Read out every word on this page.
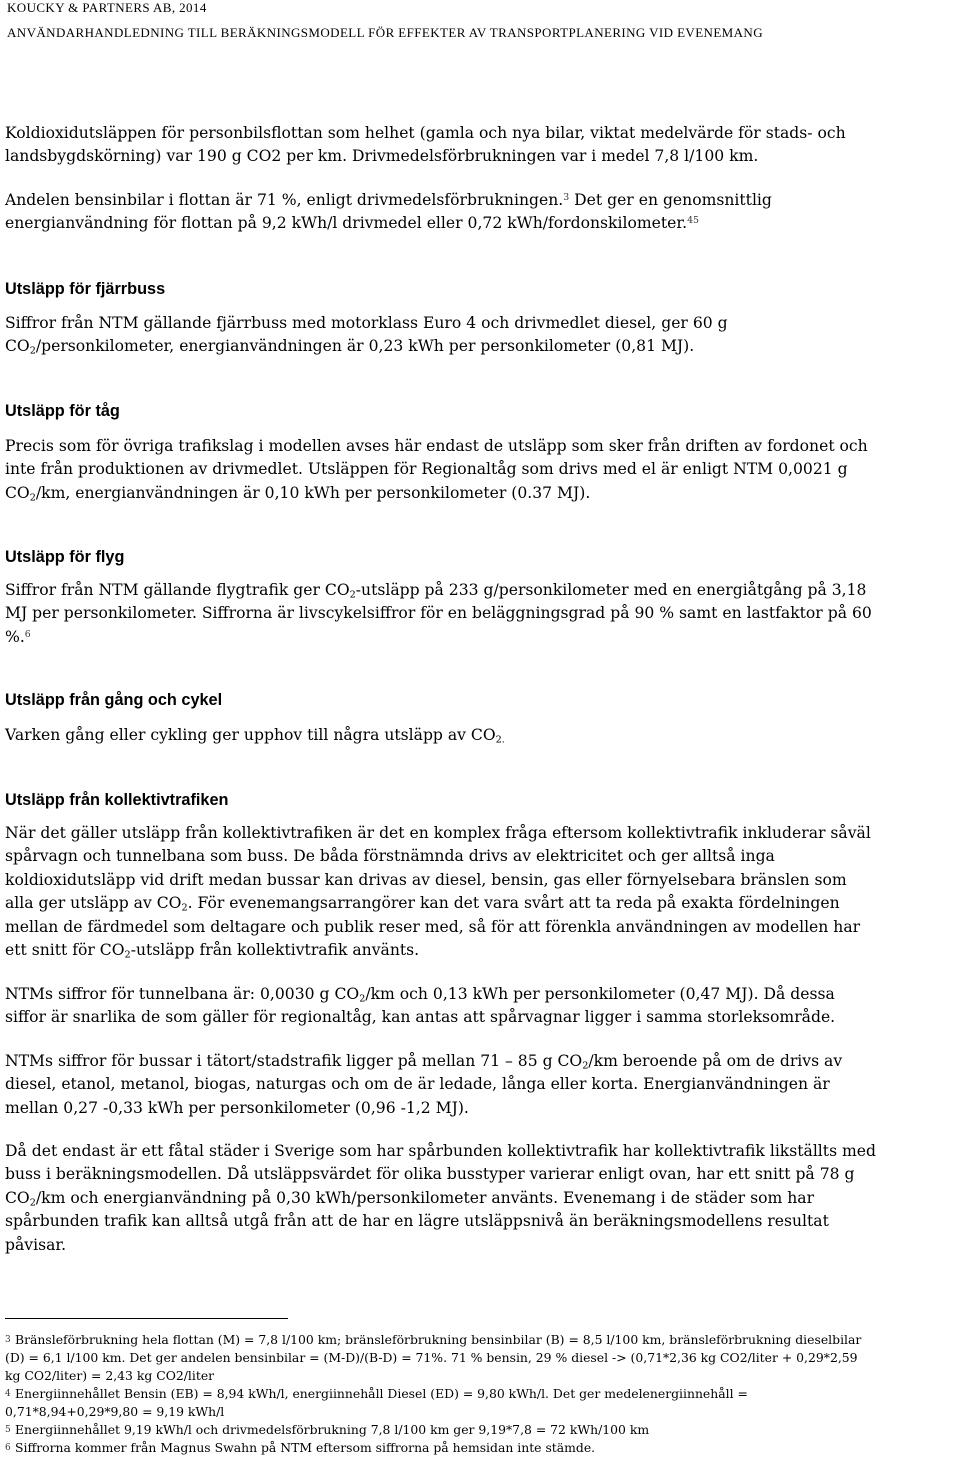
KOUCKY & PARTNERS AB, 2014
ANVÄNDARHANDLEDNING TILL BERÄKNINGSMODELL FÖR EFFEKTER AV TRANSPORTPLANERING VID EVENEMANG
Koldioxidutsläppen för personbilsflottan som helhet (gamla och nya bilar, viktat medelvärde för stads- och
landsbygdskörning) var 190 g CO2 per km. Drivmedelsförbrukningen var i medel 7,8 l/100 km.
Andelen bensinbilar i flottan är 71 %, enligt drivmedelsförbrukningen.$^3$ Det ger en genomsnittlig
energianvändning för flottan på 9,2 kWh/l drivmedel eller 0,72 kWh/fordonskilometer.$^{45}$
Utsläpp för fjärrbuss
Siffror från NTM gällande fjärrbuss med motorklass Euro 4 och drivmedlet diesel, ger 60 g
$CO_2$/personkilometer, energianvändningen är 0,23 kWh per personkilometer (0,81 MJ).
Utsläpp för tåg
Precis som för övriga trafikslag i modellen avses här endast de utsläpp som sker från driften av fordonet och
inte från produktionen av drivmedlet. Utsläppen för Regionaltåg som drivs med el är enligt NTM 0,0021 g
$CO_2/km$, energianvändningen är 0,10 kWh per personkilometer (0.37 MJ).
Utsläpp för flyg
Siffror från NTM gällande flygtrafik ger $CO_2$-utsläpp på 233 g/personkilometer med en energiåtgång på 3,18
MJ per personkilometer. Siffrorna är livscykelsiffror för en beläggningsgrad på 90 % samt en lastfaktor på 60
%.$^6$
Utsläpp från gång och cykel
Varken gång eller cykling ger upphov till några utsläpp av $CO_{2.}$
Utsläpp från kollektivtrafiken
När det gäller utsläpp från kollektivtrafiken är det en komplex fråga eftersom kollektivtrafik inkluderar såväl
spårvagn och tunnelbana som buss. De båda förstnämnda drivs av elektricitet och ger alltså inga
koldioxidutsläpp vid drift medan bussar kan drivas av diesel, bensin, gas eller förnyelsebara bränslen som
alla ger utsläpp av $CO_2$. För evenemangsarrangörer kan det vara svårt att ta reda på exakta fördelningen
mellan de färdmedel som deltagare och publik reser med, så för att förenkla användningen av modellen har
ett snitt för $CO_2$-utsläpp från kollektivtrafik använts.
NTMs siffror för tunnelbana är: 0,0030 g $CO_2/km$ och 0,13 kWh per personkilometer (0,47 MJ). Då dessa
siffor är snarlika de som gäller för regionaltåg, kan antas att spårvagnar ligger i samma storleksområde.
NTMs siffror för bussar i tätort/stadstrafik ligger på mellan 71 – 85 g $CO_2/km$ beroende på om de drivs av
diesel, etanol, metanol, biogas, naturgas och om de är ledade, långa eller korta. Energianvändningen är
mellan 0,27 -0,33 kWh per personkilometer (0,96 -1,2 MJ).
Då det endast är ett fåtal städer i Sverige som har spårbunden kollektivtrafik har kollektivtrafik likställts med
buss i beräkningsmodellen. Då utsläppsvärdet för olika busstyper varierar enligt ovan, har ett snitt på 78 g
$CO_2/km$ och energianvändning på 0,30 kWh/personkilometer använts. Evenemang i de städer som har
spårbunden trafik kan alltså utgå från att de har en lägre utsläppsnivå än beräkningsmodellens resultat
påvisar.
3 Bränsleförbrukning hela flottan (M) = 7,8 l/100 km; bränsleförbrukning bensinbilar (B) = 8,5 l/100 km, bränsleförbrukning dieselbilar
(D) = 6,1 l/100 km. Det ger andelen bensinbilar = (M-D)/(B-D) = 71%. 71 % bensin, 29 % diesel -> (0,71*2,36 kg CO2/liter + 0,29*2,59
kg CO2/liter) = 2,43 kg CO2/liter
4 Energiinnehållet Bensin (EB) = 8,94 kWh/l, energiinnehåll Diesel (ED) = 9,80 kWh/l. Det ger medelenergiinnehåll =
0,71*8,94+0,29*9,80 = 9,19 kWh/l
5 Energiinnehållet 9,19 kWh/l och drivmedelsförbrukning 7,8 l/100 km ger 9,19*7,8 = 72 kWh/100 km
6 Siffrorna kommer från Magnus Swahn på NTM eftersom siffrorna på hemsidan inte stämde.
